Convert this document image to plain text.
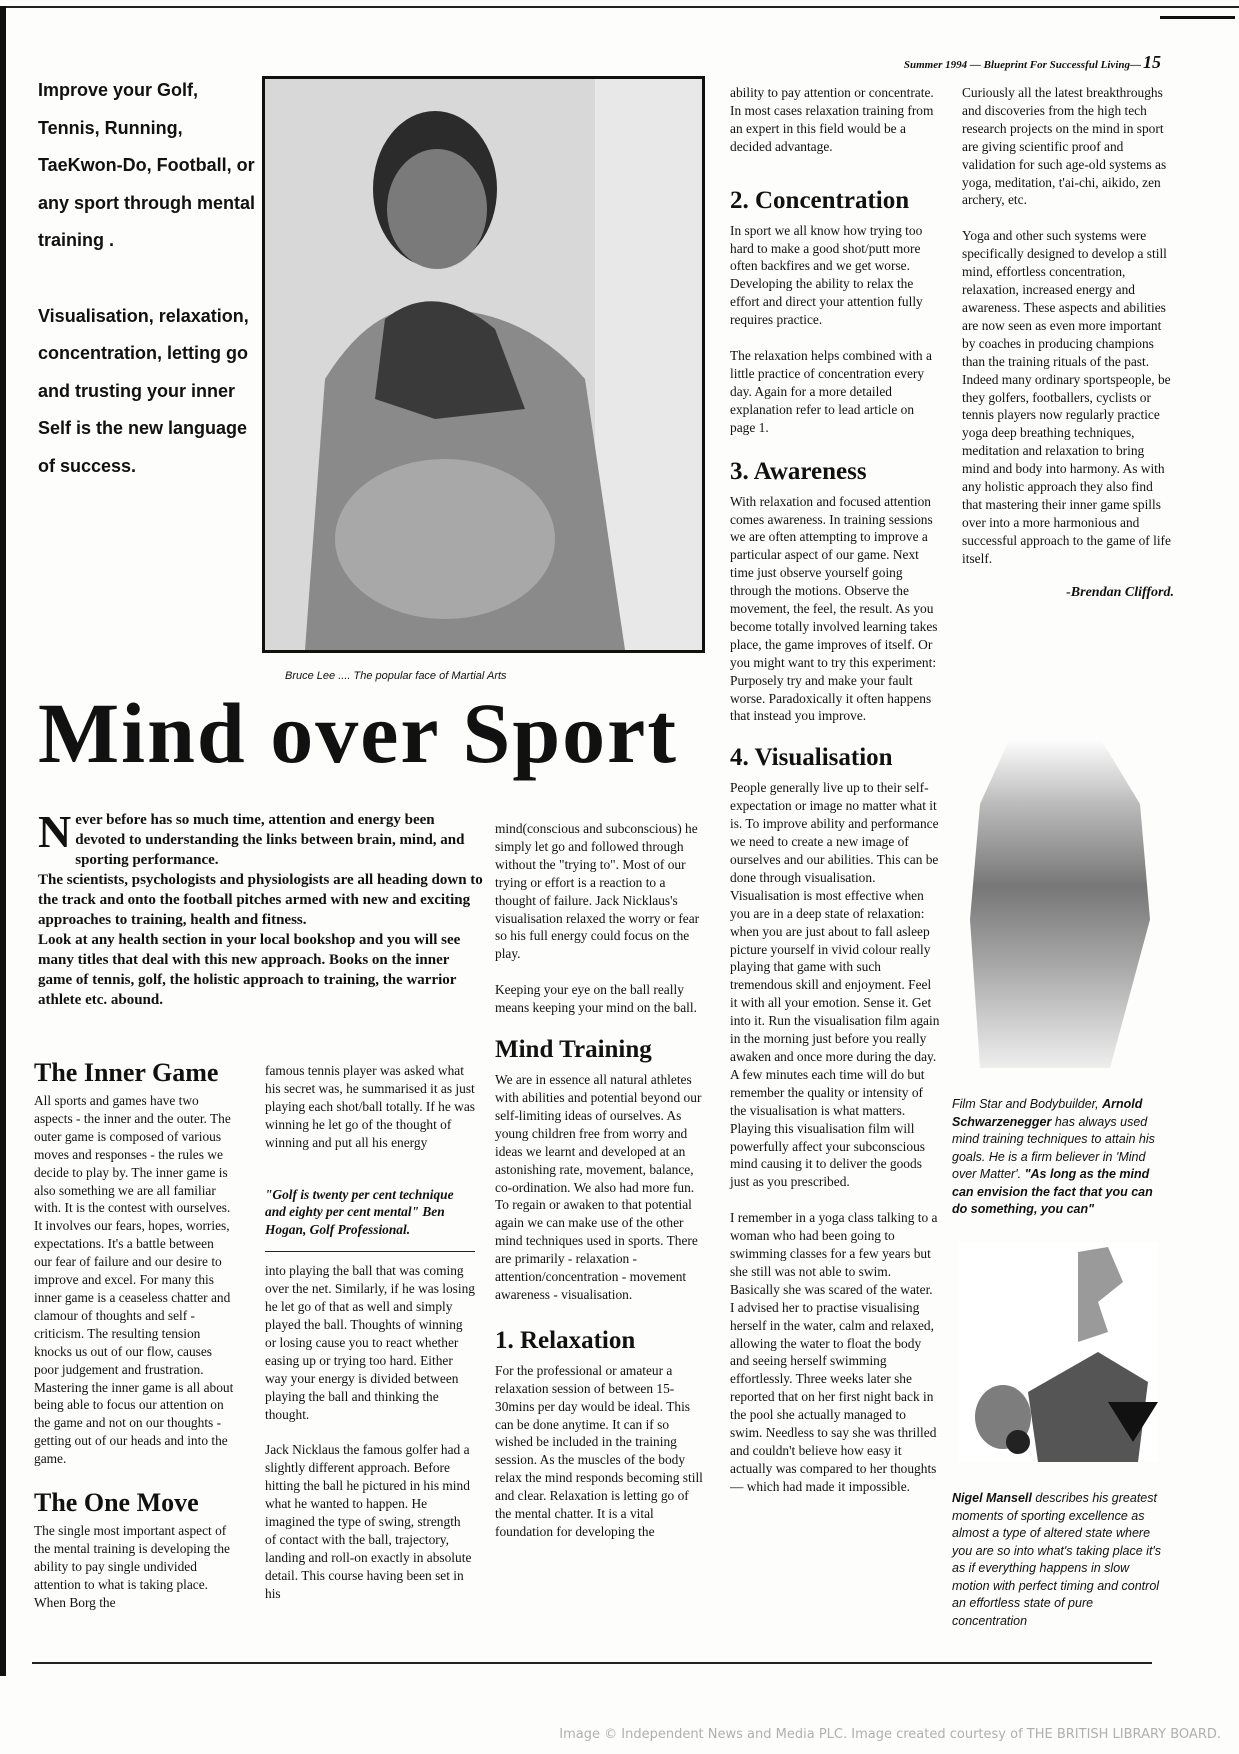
Summer 1994 — Blueprint For Successful Living— 15

Improve your Golf, Tennis, Running, TaeKwon-Do, Football, or any sport through mental training .

Visualisation, relaxation, concentration, letting go and trusting your inner Self is the new language of success.

Bruce Lee .... The popular face of Martial Arts
Mind over Sport

Never before has so much time, attention and energy been devoted to understanding the links between brain, mind, and sporting performance.

The scientists, psychologists and physiologists are all heading down to the track and onto the football pitches armed with new and exciting approaches to training, health and fitness.

Look at any health section in your local bookshop and you will see many titles that deal with this new approach. Books on the inner game of tennis, golf, the holistic approach to training, the warrior athlete etc. abound.

The Inner Game

All sports and games have two aspects - the inner and the outer. The outer game is composed of various moves and responses - the rules we decide to play by. The inner game is also something we are all familiar with. It is the contest with ourselves. It involves our fears, hopes, worries, expectations. It's a battle between our fear of failure and our desire to improve and excel. For many this inner game is a ceaseless chatter and clamour of thoughts and self - criticism. The resulting tension knocks us out of our flow, causes poor judgement and frustration.

Mastering the inner game is all about being able to focus our attention on the game and not on our thoughts - getting out of our heads and into the game.

The One Move

The single most important aspect of the mental training is developing the ability to pay single undivided attention to what is taking place. When Borg the

famous tennis player was asked what his secret was, he summarised it as just playing each shot/ball totally. If he was winning he let go of the thought of winning and put all his energy

"Golf is twenty per cent technique and eighty per cent mental" Ben Hogan, Golf Professional.

into playing the ball that was coming over the net. Similarly, if he was losing he let go of that as well and simply played the ball. Thoughts of winning or losing cause you to react whether easing up or trying too hard. Either way your energy is divided between playing the ball and thinking the thought.

Jack Nicklaus the famous golfer had a slightly different approach. Before hitting the ball he pictured in his mind what he wanted to happen. He imagined the type of swing, strength of contact with the ball, trajectory, landing and roll-on exactly in absolute detail. This course having been set in his

mind(conscious and subconscious) he simply let go and followed through without the "trying to". Most of our trying or effort is a reaction to a thought of failure. Jack Nicklaus's visualisation relaxed the worry or fear so his full energy could focus on the play.

Keeping your eye on the ball really means keeping your mind on the ball.

Mind Training

We are in essence all natural athletes with abilities and potential beyond our self-limiting ideas of ourselves. As young children free from worry and ideas we learnt and developed at an astonishing rate, movement, balance, co-ordination. We also had more fun.

To regain or awaken to that potential again we can make use of the other mind techniques used in sports. There are primarily - relaxation - attention/concentration - movement awareness - visualisation.

1. Relaxation

For the professional or amateur a relaxation session of between 15-30mins per day would be ideal. This can be done anytime. It can if so wished be included in the training session. As the muscles of the body relax the mind responds becoming still and clear. Relaxation is letting go of the mental chatter. It is a vital foundation for developing the

ability to pay attention or concentrate. In most cases relaxation training from an expert in this field would be a decided advantage.

2. Concentration

In sport we all know how trying too hard to make a good shot/putt more often backfires and we get worse. Developing the ability to relax the effort and direct your attention fully requires practice.

The relaxation helps combined with a little practice of concentration every day. Again for a more detailed explanation refer to lead article on page 1.

3. Awareness

With relaxation and focused attention comes awareness. In training sessions we are often attempting to improve a particular aspect of our game. Next time just observe yourself going through the motions. Observe the movement, the feel, the result. As you become totally involved learning takes place, the game improves of itself. Or you might want to try this experiment: Purposely try and make your fault worse. Paradoxically it often happens that instead you improve.

4. Visualisation

People generally live up to their self-expectation or image no matter what it is. To improve ability and performance we need to create a new image of ourselves and our abilities. This can be done through visualisation. Visualisation is most effective when you are in a deep state of relaxation: when you are just about to fall asleep picture yourself in vivid colour really playing that game with such tremendous skill and enjoyment. Feel it with all your emotion. Sense it. Get into it. Run the visualisation film again in the morning just before you really awaken and once more during the day. A few minutes each time will do but remember the quality or intensity of the visualisation is what matters. Playing this visualisation film will powerfully affect your subconscious mind causing it to deliver the goods just as you prescribed.

I remember in a yoga class talking to a woman who had been going to swimming classes for a few years but she still was not able to swim. Basically she was scared of the water. I advised her to practise visualising herself in the water, calm and relaxed, allowing the water to float the body and seeing herself swimming effortlessly. Three weeks later she reported that on her first night back in the pool she actually managed to swim. Needless to say she was thrilled and couldn't believe how easy it actually was compared to her thoughts — which had made it impossible.

Curiously all the latest breakthroughs and discoveries from the high tech research projects on the mind in sport are giving scientific proof and validation for such age-old systems as yoga, meditation, t'ai-chi, aikido, zen archery, etc.

Yoga and other such systems were specifically designed to develop a still mind, effortless concentration, relaxation, increased energy and awareness. These aspects and abilities are now seen as even more important by coaches in producing champions than the training rituals of the past. Indeed many ordinary sportspeople, be they golfers, footballers, cyclists or tennis players now regularly practice yoga deep breathing techniques, meditation and relaxation to bring mind and body into harmony. As with any holistic approach they also find that mastering their inner game spills over into a more harmonious and successful approach to the game of life itself.

-Brendan Clifford.

Film Star and Bodybuilder, Arnold Schwarzenegger has always used mind training techniques to attain his goals. He is a firm believer in 'Mind over Matter'. "As long as the mind can envision the fact that you can do something, you can"
Nigel Mansell describes his greatest moments of sporting excellence as almost a type of altered state where you are so into what's taking place it's as if everything happens in slow motion with perfect timing and control an effortless state of pure concentration
Image © Independent News and Media PLC. Image created courtesy of THE BRITISH LIBRARY BOARD.
